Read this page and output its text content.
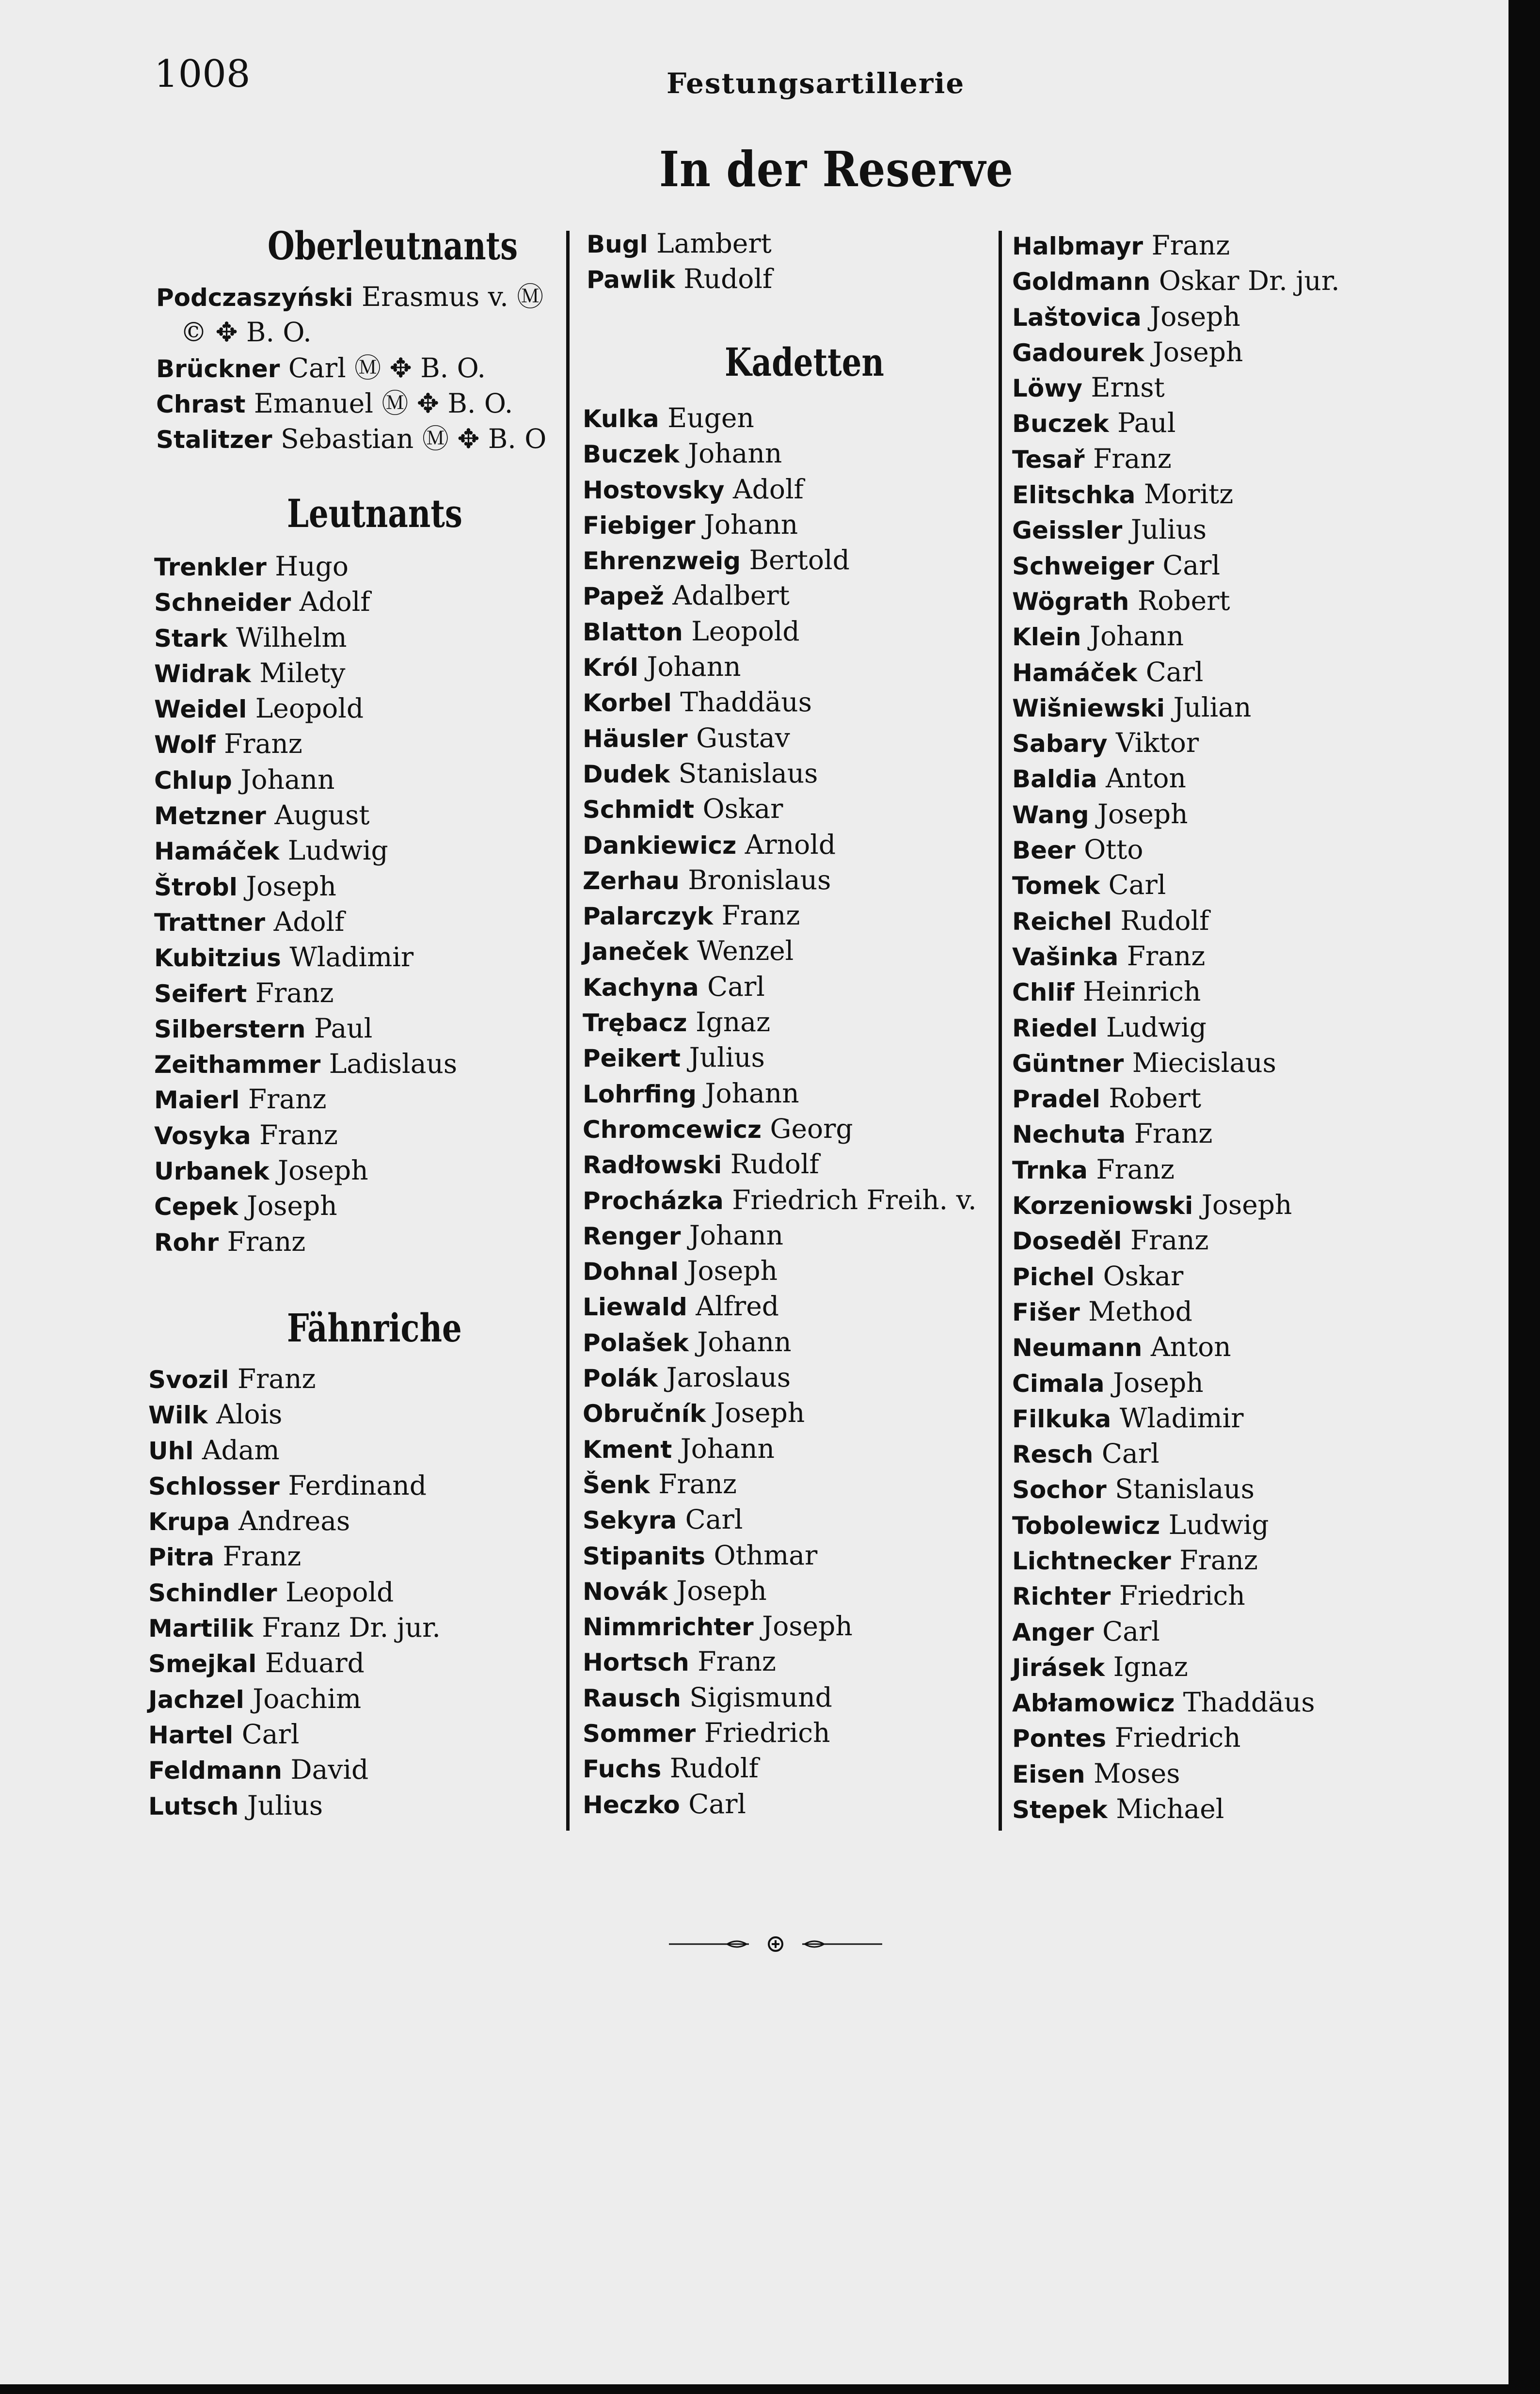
1008	Festungsartillerie
In der Reserve
Oberleutnants
Podczaszyński Erasmus v. Ⓜ
© ✥ B. O.
Brückner Carl Ⓜ ✥ B. O.
Chrast Emanuel Ⓜ ✥ B. O.
Stalitzer Sebastian Ⓜ ✥ B. O
Leutnants
Trenkler Hugo
Schneider Adolf
Stark Wilhelm
Widrak Milety
Weidel Leopold
Wolf Franz
Chlup Johann
Metzner August
Hamáček Ludwig
Štrobl Joseph
Trattner Adolf
Kubitzius Wladimir
Seifert Franz
Silberstern Paul
Zeithammer Ladislaus
Maierl Franz
Vosyka Franz
Urbanek Joseph
Cepek Joseph
Rohr Franz
Fähnriche
Svozil Franz
Wilk Alois
Uhl Adam
Schlosser Ferdinand
Krupa Andreas
Pitra Franz
Schindler Leopold
Martilik Franz Dr. jur.
Smejkal Eduard
Jachzel Joachim
Hartel Carl
Feldmann David
Lutsch Julius
Bugl Lambert
Pawlik Rudolf
Kadetten
Kulka Eugen
Buczek Johann
Hostovsky Adolf
Fiebiger Johann
Ehrenzweig Bertold
Papež Adalbert
Blatton Leopold
Król Johann
Korbel Thaddäus
Häusler Gustav
Dudek Stanislaus
Schmidt Oskar
Dankiewicz Arnold
Zerhau Bronislaus
Palarczyk Franz
Janeček Wenzel
Kachyna Carl
Trębacz Ignaz
Peikert Julius
Lohrfing Johann
Chromcewicz Georg
Radłowski Rudolf
Procházka Friedrich Freih. v.
Renger Johann
Dohnal Joseph
Liewald Alfred
Polašek Johann
Polák Jaroslaus
Obručník Joseph
Kment Johann
Šenk Franz
Sekyra Carl
Stipanits Othmar
Novák Joseph
Nimmrichter Joseph
Hortsch Franz
Rausch Sigismund
Sommer Friedrich
Fuchs Rudolf
Heczko Carl
Halbmayr Franz
Goldmann Oskar Dr. jur.
Laštovica Joseph
Gadourek Joseph
Löwy Ernst
Buczek Paul
Tesař Franz
Elitschka Moritz
Geissler Julius
Schweiger Carl
Wögrath Robert
Klein Johann
Hamáček Carl
Wišniewski Julian
Sabary Viktor
Baldia Anton
Wang Joseph
Beer Otto
Tomek Carl
Reichel Rudolf
Vašinka Franz
Chlif Heinrich
Riedel Ludwig
Güntner Miecislaus
Pradel Robert
Nechuta Franz
Trnka Franz
Korzeniowski Joseph
Doseděl Franz
Pichel Oskar
Fišer Method
Neumann Anton
Cimala Joseph
Filkuka Wladimir
Resch Carl
Sochor Stanislaus
Tobolewicz Ludwig
Lichtnecker Franz
Richter Friedrich
Anger Carl
Jirásek Ignaz
Abłamowicz Thaddäus
Pontes Friedrich
Eisen Moses
Stepek Michael
